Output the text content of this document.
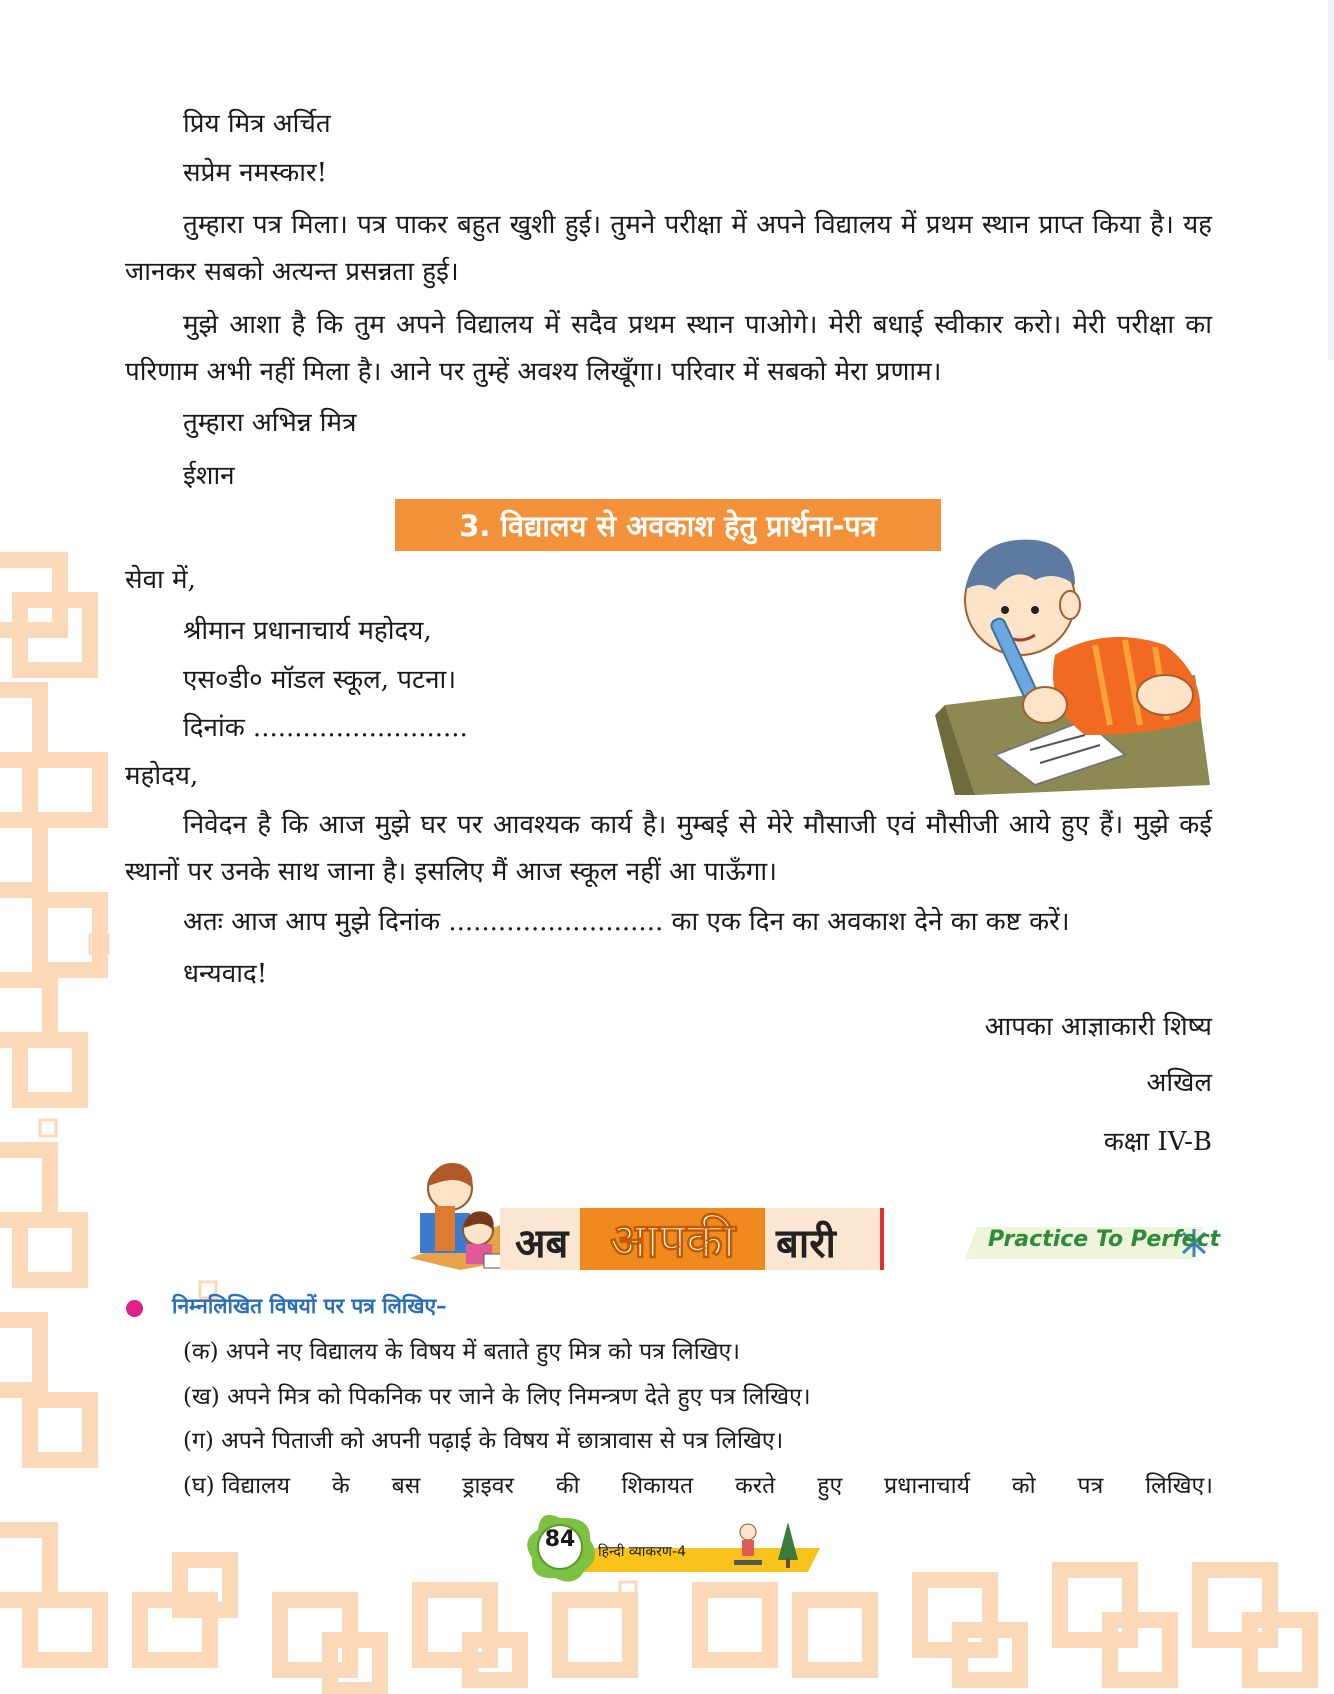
प्रिय मित्र अर्चित
सप्रेम नमस्कार!
तुम्हारा पत्र मिला। पत्र पाकर बहुत खुशी हुई। तुमने परीक्षा में अपने विद्यालय में प्रथम स्थान प्राप्त किया है। यह जानकर सबको अत्यन्त प्रसन्नता हुई।
मुझे आशा है कि तुम अपने विद्यालय में सदैव प्रथम स्थान पाओगे। मेरी बधाई स्वीकार करो। मेरी परीक्षा का परिणाम अभी नहीं मिला है। आने पर तुम्हें अवश्य लिखूँगा। परिवार में सबको मेरा प्रणाम।
तुम्हारा अभिन्न मित्र
ईशान
3. विद्यालय से अवकाश हेतु प्रार्थना-पत्र
सेवा में,
श्रीमान प्रधानाचार्य महोदय,
एस०डी० मॉडल स्कूल, पटना।
दिनांक ..........................
महोदय,
निवेदन है कि आज मुझे घर पर आवश्यक कार्य है। मुम्बई से मेरे मौसाजी एवं मौसीजी आये हुए हैं। मुझे कई स्थानों पर उनके साथ जाना है। इसलिए मैं आज स्कूल नहीं आ पाऊँगा।
अतः आज आप मुझे दिनांक .......................... का एक दिन का अवकाश देने का कष्ट करें।
धन्यवाद!
आपका आज्ञाकारी शिष्य
अखिल
कक्षा IV-B
अब आपकी बारी	Practice To Perfect
निम्नलिखित विषयों पर पत्र लिखिए–
(क) अपने नए विद्यालय के विषय में बताते हुए मित्र को पत्र लिखिए।
(ख) अपने मित्र को पिकनिक पर जाने के लिए निमन्त्रण देते हुए पत्र लिखिए।
(ग) अपने पिताजी को अपनी पढ़ाई के विषय में छात्रावास से पत्र लिखिए।
(घ) विद्यालय के बस ड्राइवर की शिकायत करते हुए प्रधानाचार्य को पत्र लिखिए।
84 हिन्दी व्याकरण-4
